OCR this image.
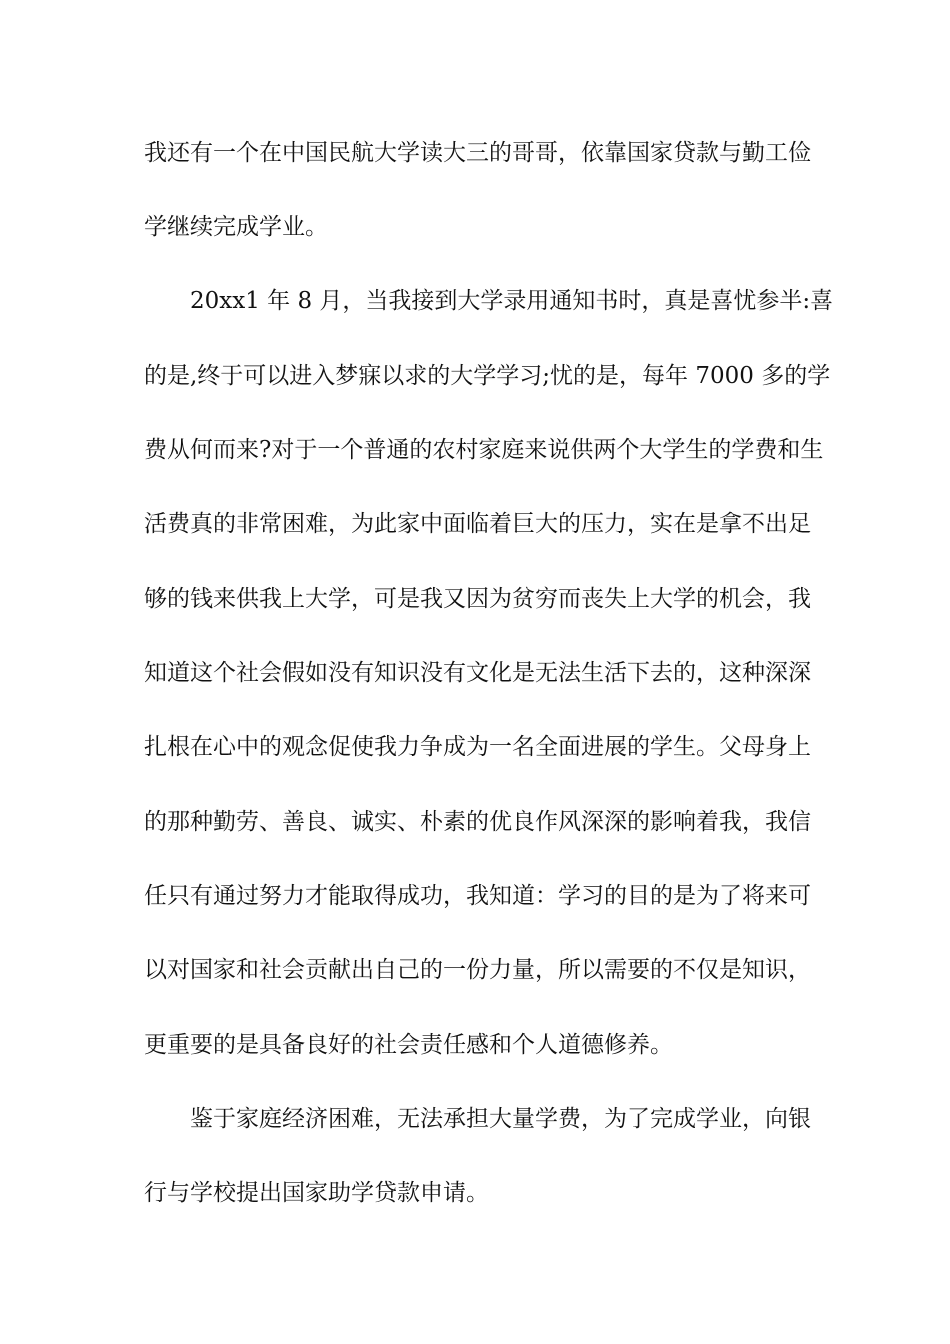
我还有一个在中国民航大学读大三的哥哥，依靠国家贷款与勤工俭
学继续完成学业。
20xx1 年 8 月，当我接到大学录用通知书时，真是喜忧参半:喜
的是,终于可以进入梦寐以求的大学学习;忧的是，每年 7000 多的学
费从何而来?对于一个普通的农村家庭来说供两个大学生的学费和生
活费真的非常困难，为此家中面临着巨大的压力，实在是拿不出足
够的钱来供我上大学，可是我又因为贫穷而丧失上大学的机会，我
知道这个社会假如没有知识没有文化是无法生活下去的，这种深深
扎根在心中的观念促使我力争成为一名全面进展的学生。父母身上
的那种勤劳、善良、诚实、朴素的优良作风深深的影响着我，我信
任只有通过努力才能取得成功，我知道：学习的目的是为了将来可
以对国家和社会贡献出自己的一份力量，所以需要的不仅是知识，
更重要的是具备良好的社会责任感和个人道德修养。
鉴于家庭经济困难，无法承担大量学费，为了完成学业，向银
行与学校提出国家助学贷款申请。
